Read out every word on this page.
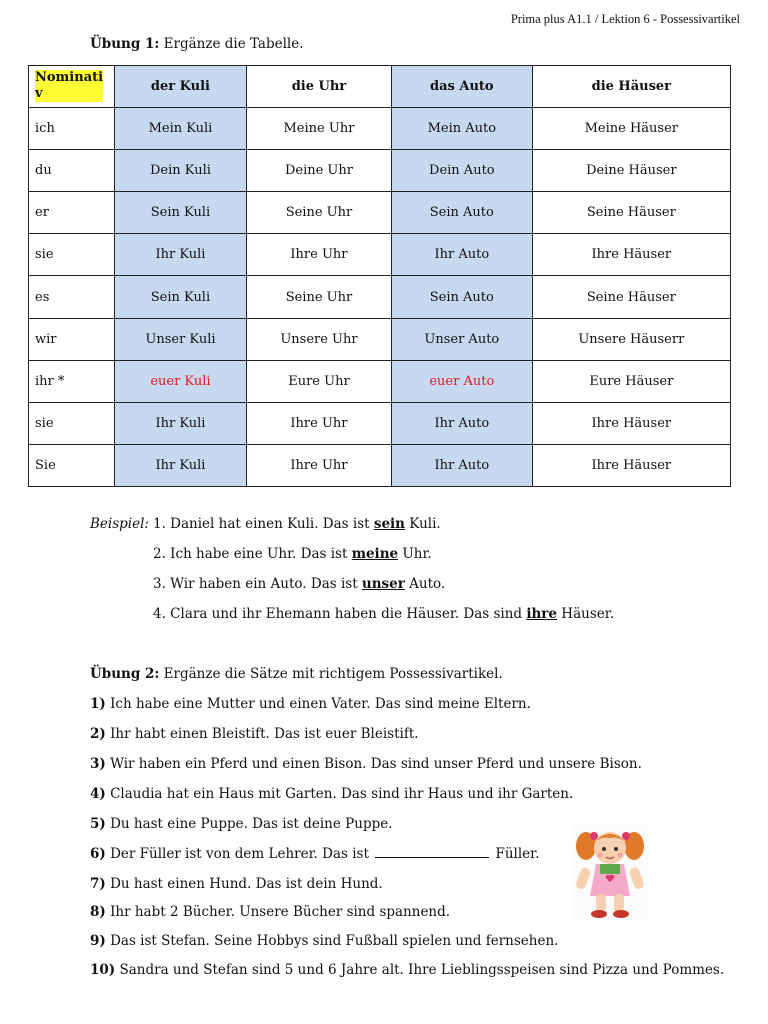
Prima plus A1.1 / Lektion 6 - Possessivartikel
Übung 1: Ergänze die Tabelle.
Nominati
v	der Kuli	die Uhr	das Auto	die Häuser
ich	Mein Kuli	Meine Uhr	Mein Auto	Meine Häuser
du	Dein Kuli	Deine Uhr	Dein Auto	Deine Häuser
er	Sein Kuli	Seine Uhr	Sein Auto	Seine Häuser
sie	Ihr Kuli	Ihre Uhr	Ihr Auto	Ihre Häuser
es	Sein Kuli	Seine Uhr	Sein Auto	Seine Häuser
wir	Unser Kuli	Unsere Uhr	Unser Auto	Unsere Häuserr
ihr *	euer Kuli	Eure Uhr	euer Auto	Eure Häuser
sie	Ihr Kuli	Ihre Uhr	Ihr Auto	Ihre Häuser
Sie	Ihr Kuli	Ihre Uhr	Ihr Auto	Ihre Häuser
Beispiel: 1. Daniel hat einen Kuli. Das ist sein Kuli.
2. Ich habe eine Uhr. Das ist meine Uhr.
3. Wir haben ein Auto. Das ist unser Auto.
4. Clara und ihr Ehemann haben die Häuser. Das sind ihre Häuser.
Übung 2: Ergänze die Sätze mit richtigem Possessivartikel.
1) Ich habe eine Mutter und einen Vater. Das sind meine Eltern.
2) Ihr habt einen Bleistift. Das ist euer Bleistift.
3) Wir haben ein Pferd und einen Bison. Das sind unser Pferd und unsere Bison.
4) Claudia hat ein Haus mit Garten. Das sind ihr Haus und ihr Garten.
5) Du hast eine Puppe. Das ist deine Puppe.
6) Der Füller ist von dem Lehrer. Das ist	Füller.
7) Du hast einen Hund. Das ist dein Hund.
8) Ihr habt 2 Bücher. Unsere Bücher sind spannend.
9) Das ist Stefan. Seine Hobbys sind Fußball spielen und fernsehen.
10) Sandra und Stefan sind 5 und 6 Jahre alt. Ihre Lieblingsspeisen sind Pizza und Pommes.
